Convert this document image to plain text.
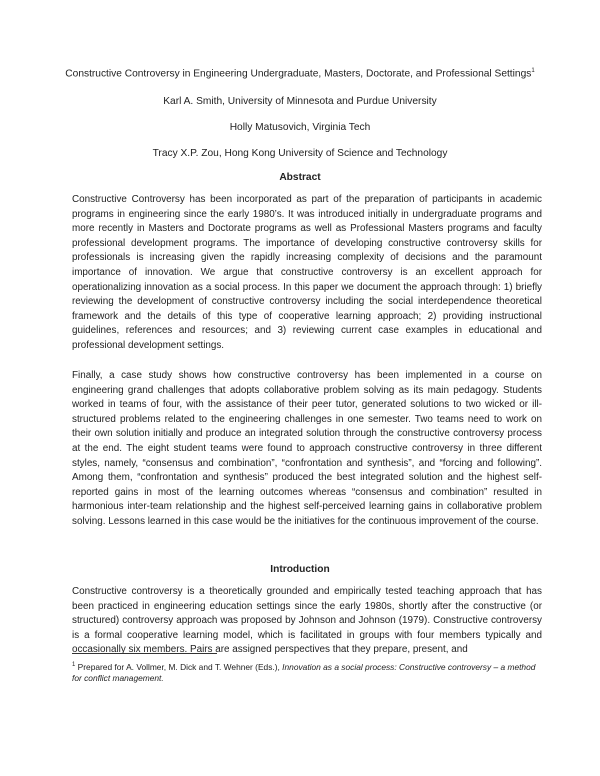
Constructive Controversy in Engineering Undergraduate, Masters, Doctorate, and Professional Settings$^1$
Karl A. Smith, University of Minnesota and Purdue University
Holly Matusovich, Virginia Tech
Tracy X.P. Zou, Hong Kong University of Science and Technology
Abstract

Constructive Controversy has been incorporated as part of the preparation of participants in academic programs in engineering since the early 1980’s. It was introduced initially in undergraduate programs and more recently in Masters and Doctorate programs as well as Professional Masters programs and faculty professional development programs. The importance of developing constructive controversy skills for professionals is increasing given the rapidly increasing complexity of decisions and the paramount importance of innovation. We argue that constructive controversy is an excellent approach for operationalizing innovation as a social process. In this paper we document the approach through: 1) briefly reviewing the development of constructive controversy including the social interdependence theoretical framework and the details of this type of cooperative learning approach; 2) providing instructional guidelines, references and resources; and 3) reviewing current case examples in educational and professional development settings.

Finally, a case study shows how constructive controversy has been implemented in a course on engineering grand challenges that adopts collaborative problem solving as its main pedagogy. Students worked in teams of four, with the assistance of their peer tutor, generated solutions to two wicked or ill-structured problems related to the engineering challenges in one semester. Two teams need to work on their own solution initially and produce an integrated solution through the constructive controversy process at the end. The eight student teams were found to approach constructive controversy in three different styles, namely, “consensus and combination”, “confrontation and synthesis”, and “forcing and following”. Among them, “confrontation and synthesis” produced the best integrated solution and the highest self-reported gains in most of the learning outcomes whereas “consensus and combination” resulted in harmonious inter-team relationship and the highest self-perceived learning gains in collaborative problem solving. Lessons learned in this case would be the initiatives for the continuous improvement of the course.

Introduction

Constructive controversy is a theoretically grounded and empirically tested teaching approach that has been practiced in engineering education settings since the early 1980s, shortly after the constructive (or structured) controversy approach was proposed by Johnson and Johnson (1979). Constructive controversy is a formal cooperative learning model, which is facilitated in groups with four members typically and occasionally six members. Pairs are assigned perspectives that they prepare, present, and

$^1$ Prepared for A. Vollmer, M. Dick and T. Wehner (Eds.), Innovation as a social process: Constructive controversy – a method for conflict management.
